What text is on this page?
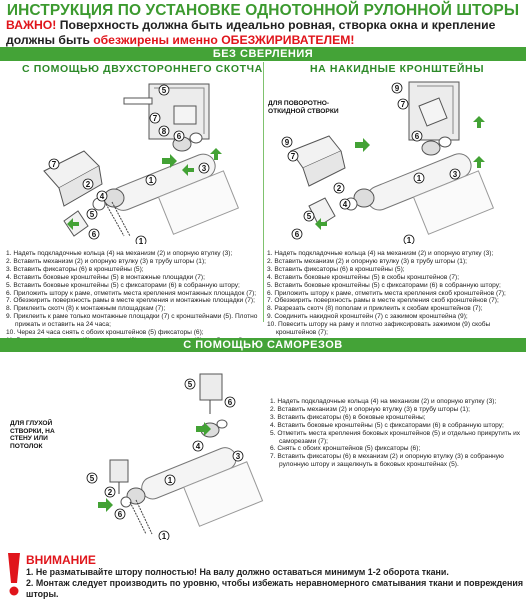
ИНСТРУКЦИЯ ПО УСТАНОВКЕ ОДНОТОННОЙ РУЛОННОЙ ШТОРЫ
ВАЖНО! Поверхность должна быть идеально ровная, створка окна и крепление должны быть обезжирены именно ОБЕЗЖИРИВАТЕЛЕМ!
БЕЗ СВЕРЛЕНИЯ
С ПОМОЩЬЮ ДВУХСТОРОННЕГО СКОТЧА	НА НАКИДНЫЕ КРОНШТЕЙНЫ
7
8
6
5
7
2
4
5
1
6
3
1
ДЛЯ ПОВОРОТНО-ОТКИДНОЙ СТВОРКИ
9
7
9
7
2
4
5
1	3
1
6
6
1. Надеть подкладочные кольца (4) на механизм (2) и опорную втулку (3);
2. Вставить механизм (2) и опорную втулку (3) в трубу шторы (1);
3. Вставить фиксаторы (6) в кронштейны (5);
4. Вставить боковые кронштейны (5) в монтажные площадки (7);
5. Вставить боковые кронштейны (5) с фиксаторами (6) в собранную штору;
6. Приложить штору к раме, отметить места крепления монтажных площадок (7);
7. Обезжирить поверхность рамы в месте крепления и монтажные площадки (7);
8. Приклеить скотч (8) к монтажным площадкам (7);
9. Приклеить к раме только монтажные площадки (7) с кронштейнами (5). Плотно прижать и оставить на 24 часа;
10. Через 24 часа снять с обоих кронштейнов (5) фиксаторы (6);
1. Надеть подкладочные кольца (4) на механизм (2) и опорную втулку (3);
2. Вставить механизм (2) и опорную втулку (3) в трубу шторы (1);
3. Вставить фиксаторы (6) в кронштейны (5);
4. Вставить боковые кронштейны (5) в скобы кронштейнов (7);
5. Вставить боковые кронштейны (5) с фиксаторами (6) в собранную штору;
6. Приложить штору к раме, отметить места крепления скоб кронштейнов (7);
7. Обезжирить поверхность рамы в месте крепления скоб кронштейнов (7);
8. Разрезать скотч (8) пополам и приклеить к скобам кронштейнов (7);
9. Соединить накидной кронштейн (7) с зажимом кронштейна (9);
10. Повесить штору на раму и плотно зафиксировать зажимом (9) скобы кронштейнов (7);
С ПОМОЩЬЮ САМОРЕЗОВ
ДЛЯ ГЛУХОЙ СТВОРКИ, НА СТЕНУ ИЛИ ПОТОЛОК
5
6
4
5
2
6
1
3
1
1. Надеть подкладочные кольца (4) на механизм (2) и опорную втулку (3);
2. Вставить механизм (2) и опорную втулку (3) в трубу шторы (1);
3. Вставить фиксаторы (6) в боковые кронштейны;
4. Вставить боковые кронштейны (5) с фиксаторами (6) в собранную штору;
5. Отметить места крепления боковых кронштейнов (5) и отдельно прикрутить их саморезами (7);
6. Снять с обоих кронштейнов (5) фиксаторы (6);
7. Вставить фиксаторы (6) в механизм (2) и опорную втулку (3) в собранную рулонную штору и защелкнуть в боковых кронштейнах (5).
ВНИМАНИЕ
1. Не разматывайте штору полностью! На валу должно оставаться минимум 1-2 оборота ткани.
2. Монтаж следует производить по уровню, чтобы избежать неравномерного сматывания ткани и повреждения шторы.
